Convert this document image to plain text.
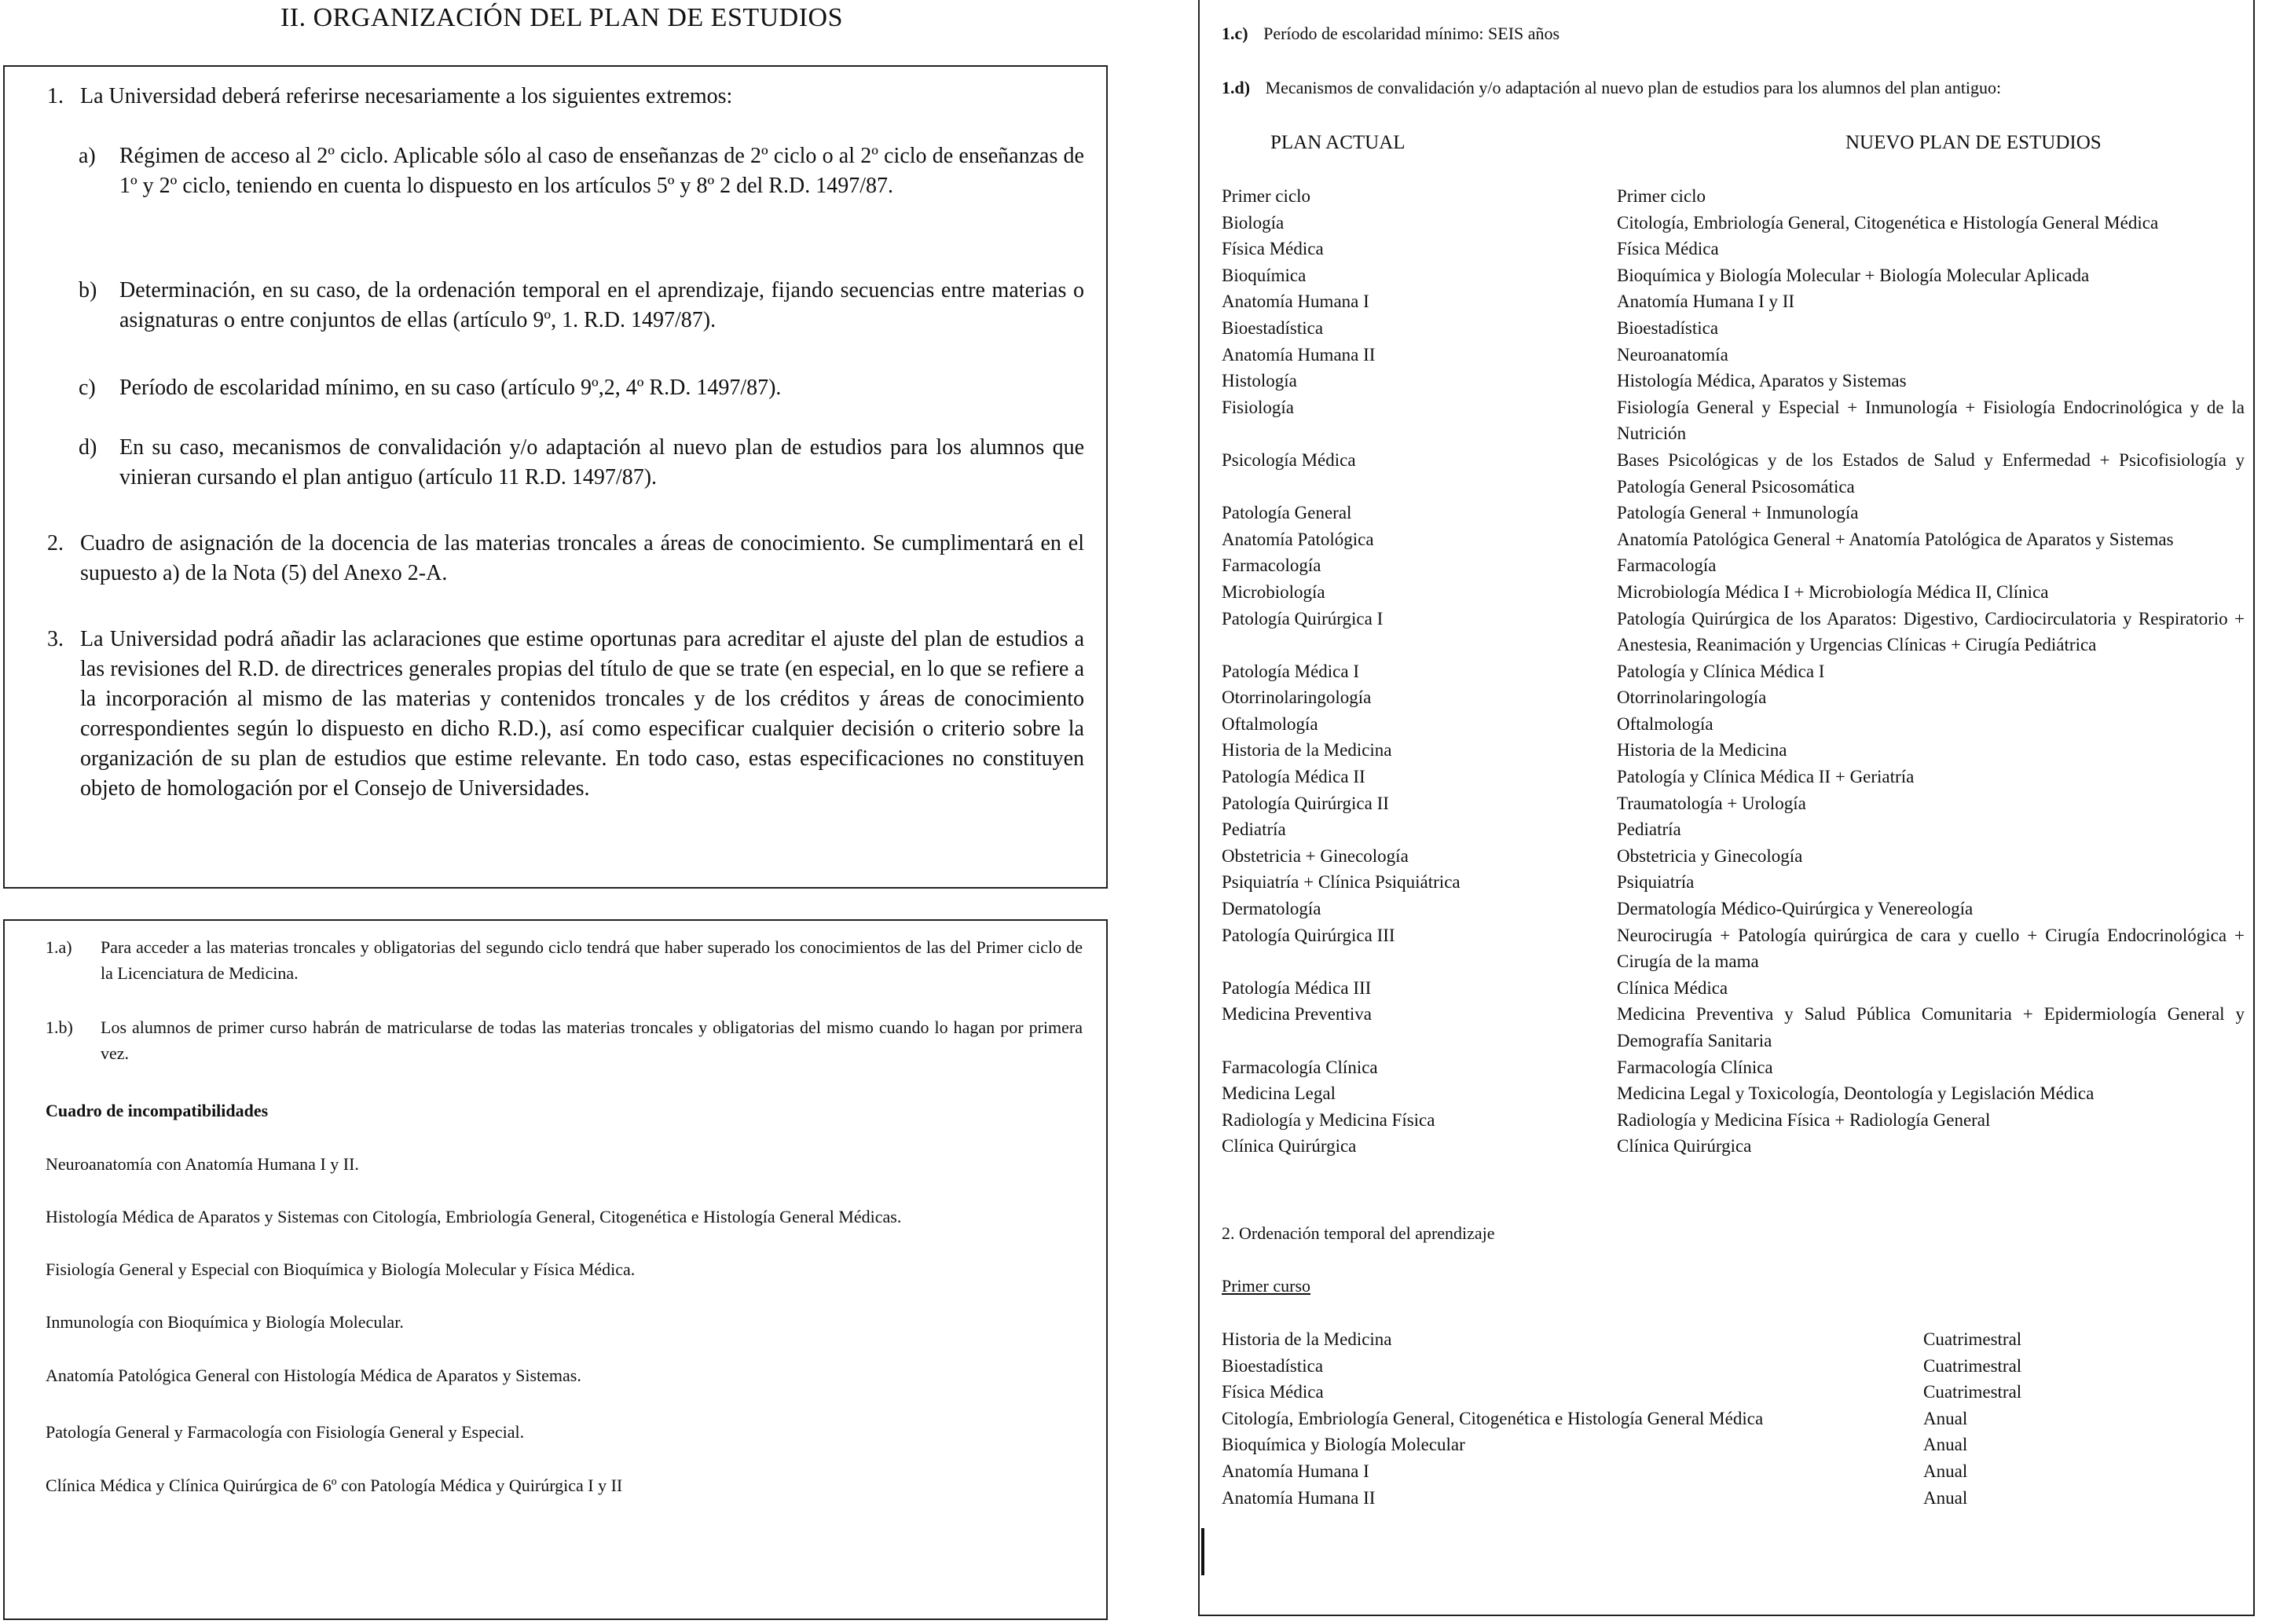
II. ORGANIZACIÓN DEL PLAN DE ESTUDIOS
1. La Universidad deberá referirse necesariamente a los siguientes extremos:
a)	Régimen de acceso al 2º ciclo. Aplicable sólo al caso de enseñanzas de 2º ciclo o al 2º ciclo de enseñanzas de 1º y 2º ciclo, teniendo en cuenta lo dispuesto en los artículos 5º y 8º 2 del R.D. 1497/87.
b)	Determinación, en su caso, de la ordenación temporal en el aprendizaje, fijando secuencias entre materias o asignaturas o entre conjuntos de ellas (artículo 9º, 1. R.D. 1497/87).
c)	Período de escolaridad mínimo, en su caso (artículo 9º,2, 4º R.D. 1497/87).
d)	En su caso, mecanismos de convalidación y/o adaptación al nuevo plan de estudios para los alumnos que vinieran cursando el plan antiguo (artículo 11 R.D. 1497/87).
2. Cuadro de asignación de la docencia de las materias troncales a áreas de conocimiento. Se cumplimentará en el supuesto a) de la Nota (5) del Anexo 2-A.
3. La Universidad podrá añadir las aclaraciones que estime oportunas para acreditar el ajuste del plan de estudios a las revisiones del R.D. de directrices generales propias del título de que se trate (en especial, en lo que se refiere a la incorporación al mismo de las materias y contenidos troncales y de los créditos y áreas de conocimiento correspondientes según lo dispuesto en dicho R.D.), así como especificar cualquier decisión o criterio sobre la organización de su plan de estudios que estime relevante. En todo caso, estas especificaciones no constituyen objeto de homologación por el Consejo de Universidades.
1.a)	Para acceder a las materias troncales y obligatorias del segundo ciclo tendrá que haber superado los conocimientos de las del Primer ciclo de la Licenciatura de Medicina.
1.b)	Los alumnos de primer curso habrán de matricularse de todas las materias troncales y obligatorias del mismo cuando lo hagan por primera vez.
Cuadro de incompatibilidades
Neuroanatomía con Anatomía Humana I y II.
Histología Médica de Aparatos y Sistemas con Citología, Embriología General, Citogenética e Histología General Médicas.
Fisiología General y Especial con Bioquímica y Biología Molecular y Física Médica.
Inmunología con Bioquímica y Biología Molecular.
Anatomía Patológica General con Histología Médica de Aparatos y Sistemas.
Patología General y Farmacología con Fisiología General y Especial.
Clínica Médica y Clínica Quirúrgica de 6º con Patología Médica y Quirúrgica I y II
1.c) Período de escolaridad mínimo: SEIS años
1.d) Mecanismos de convalidación y/o adaptación al nuevo plan de estudios para los alumnos del plan antiguo:
PLAN ACTUAL	NUEVO PLAN DE ESTUDIOS
Primer ciclo	Primer ciclo
Biología	Citología, Embriología General, Citogenética e Histología General Médica
Física Médica	Física Médica
Bioquímica	Bioquímica y Biología Molecular + Biología Molecular Aplicada
Anatomía Humana I	Anatomía Humana I y II
Bioestadística	Bioestadística
Anatomía Humana II	Neuroanatomía
Histología	Histología Médica, Aparatos y Sistemas
Fisiología	Fisiología General y Especial + Inmunología + Fisiología Endocrinológica y de la Nutrición
Psicología Médica	Bases Psicológicas y de los Estados de Salud y Enfermedad + Psicofisiología y Patología General Psicosomática
Patología General	Patología General + Inmunología
Anatomía Patológica	Anatomía Patológica General + Anatomía Patológica de Aparatos y Sistemas
Farmacología	Farmacología
Microbiología	Microbiología Médica I + Microbiología Médica II, Clínica
Patología Quirúrgica I	Patología Quirúrgica de los Aparatos: Digestivo, Cardiocirculatoria y Respiratorio + Anestesia, Reanimación y Urgencias Clínicas + Cirugía Pediátrica
Patología Médica I	Patología y Clínica Médica I
Otorrinolaringología	Otorrinolaringología
Oftalmología	Oftalmología
Historia de la Medicina	Historia de la Medicina
Patología Médica II	Patología y Clínica Médica II + Geriatría
Patología Quirúrgica II	Traumatología + Urología
Pediatría	Pediatría
Obstetricia + Ginecología	Obstetricia y Ginecología
Psiquiatría + Clínica Psiquiátrica	Psiquiatría
Dermatología	Dermatología Médico-Quirúrgica y Venereología
Patología Quirúrgica III	Neurocirugía + Patología quirúrgica de cara y cuello + Cirugía Endocrinológica + Cirugía de la mama
Patología Médica III	Clínica Médica
Medicina Preventiva	Medicina Preventiva y Salud Pública Comunitaria + Epidermiología General y Demografía Sanitaria
Farmacología Clínica	Farmacología Clínica
Medicina Legal	Medicina Legal y Toxicología, Deontología y Legislación Médica
Radiología y Medicina Física	Radiología y Medicina Física + Radiología General
Clínica Quirúrgica	Clínica Quirúrgica
2. Ordenación temporal del aprendizaje
Primer curso
Historia de la Medicina	Cuatrimestral
Bioestadística	Cuatrimestral
Física Médica	Cuatrimestral
Citología, Embriología General, Citogenética e Histología General Médica	Anual
Bioquímica y Biología Molecular	Anual
Anatomía Humana I	Anual
Anatomía Humana II	Anual
